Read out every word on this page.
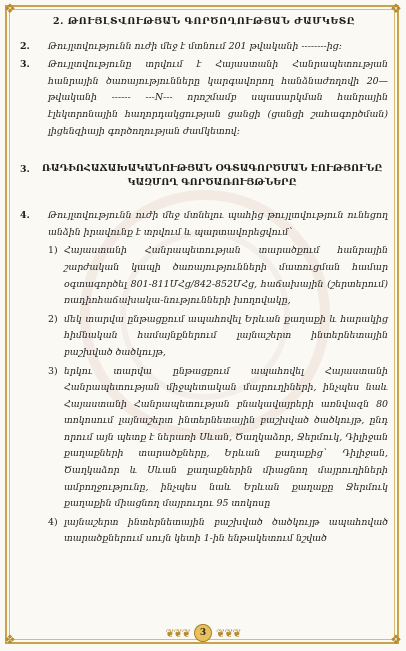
❖	❖
❖	❖
2. ԹՈՒՅԼՏՎՈՒԹՅԱՆ ԳՈՐԾՈՂՈՒԹՅԱՆ ԺԱՄԿԵՏԸ
2.	Թույլտվությունն ուժի մեջ է մտնում 201 թվականի --------ից:
3.	Թույլտվությունը տրվում է Հայաստանի Հանրապետության հանրային ծառայությունները կարգավորող հանձնաժողովի 20—թվականի ------ ---N--- որոշմամբ սպասարկման հանրային էլեկտրոնային հաղորդակցության ցանցի (ցանցի շահագործման) լիցենզիայի գործողության ժամկետով:
3.	ՌԱԴԻՈՀԱՃԱԽԱԿԱՆՈՒԹՅԱՆ ՕԳՏԱԳՈՐԾՄԱՆ ԷՈՒԹՅՈՒՆԸ ԿԱԶՄՈՂ ԳՈՐԾԱՌՈՒՅԹՆԵՐԸ
4.	Թույլտվությունն ուժի մեջ մտնելու պահից թույլտվություն ունեցող անձին իրավունք է տրվում և պարտավորեցվում`
1) Հայաստանի Հանրապետության տարածքում հանրային շարժական կապի ծառայությունների մատուցման համար օգտագործել 801-811ՄՀց/842-852ՄՀց, հաճախային (շերտերում) ռադիոհաճախակա-նությունների խողովակը,
2) մեկ տարվա ընթացքում ապահովել Երևան քաղաքի և հարակից հիմնական համայնքներում լայնաշերտ ինտերնետային բաշխված ծածկույթ,
3) երկու տարվա ընթացքում ապահովել Հայաստանի Հանրապետության միջպետական մայրուղիների, ինչպես նաև Հայաստանի Հանրապետության բնակավայրերի առնվազն 80 տոկոսում լայնաշերտ ինտերնետային բաշխված ծածկույթ, ընդ որում այն պետք է ներառի Սևան, Ծաղկաձոր, Ջերմուկ, Դիլիջան քաղաքների տարածքները, Երևան քաղաքից` Դիլիջան, Ծաղկաձոր և Սևան քաղաքներին միացնող մայրուղիների ամբողջությունը, ինչպես նաև Երևան քաղաքը Ջերմուկ քաղաքին միացնող մայրուղու 95 տոկոսը
4) լայնաշերտ ինտերնետային բաշխված ծածկույթ ապահոված տարածքներում սույն կետի 1-ին ենթակետում նշված
❦❦❦	3 ❦❦❦
